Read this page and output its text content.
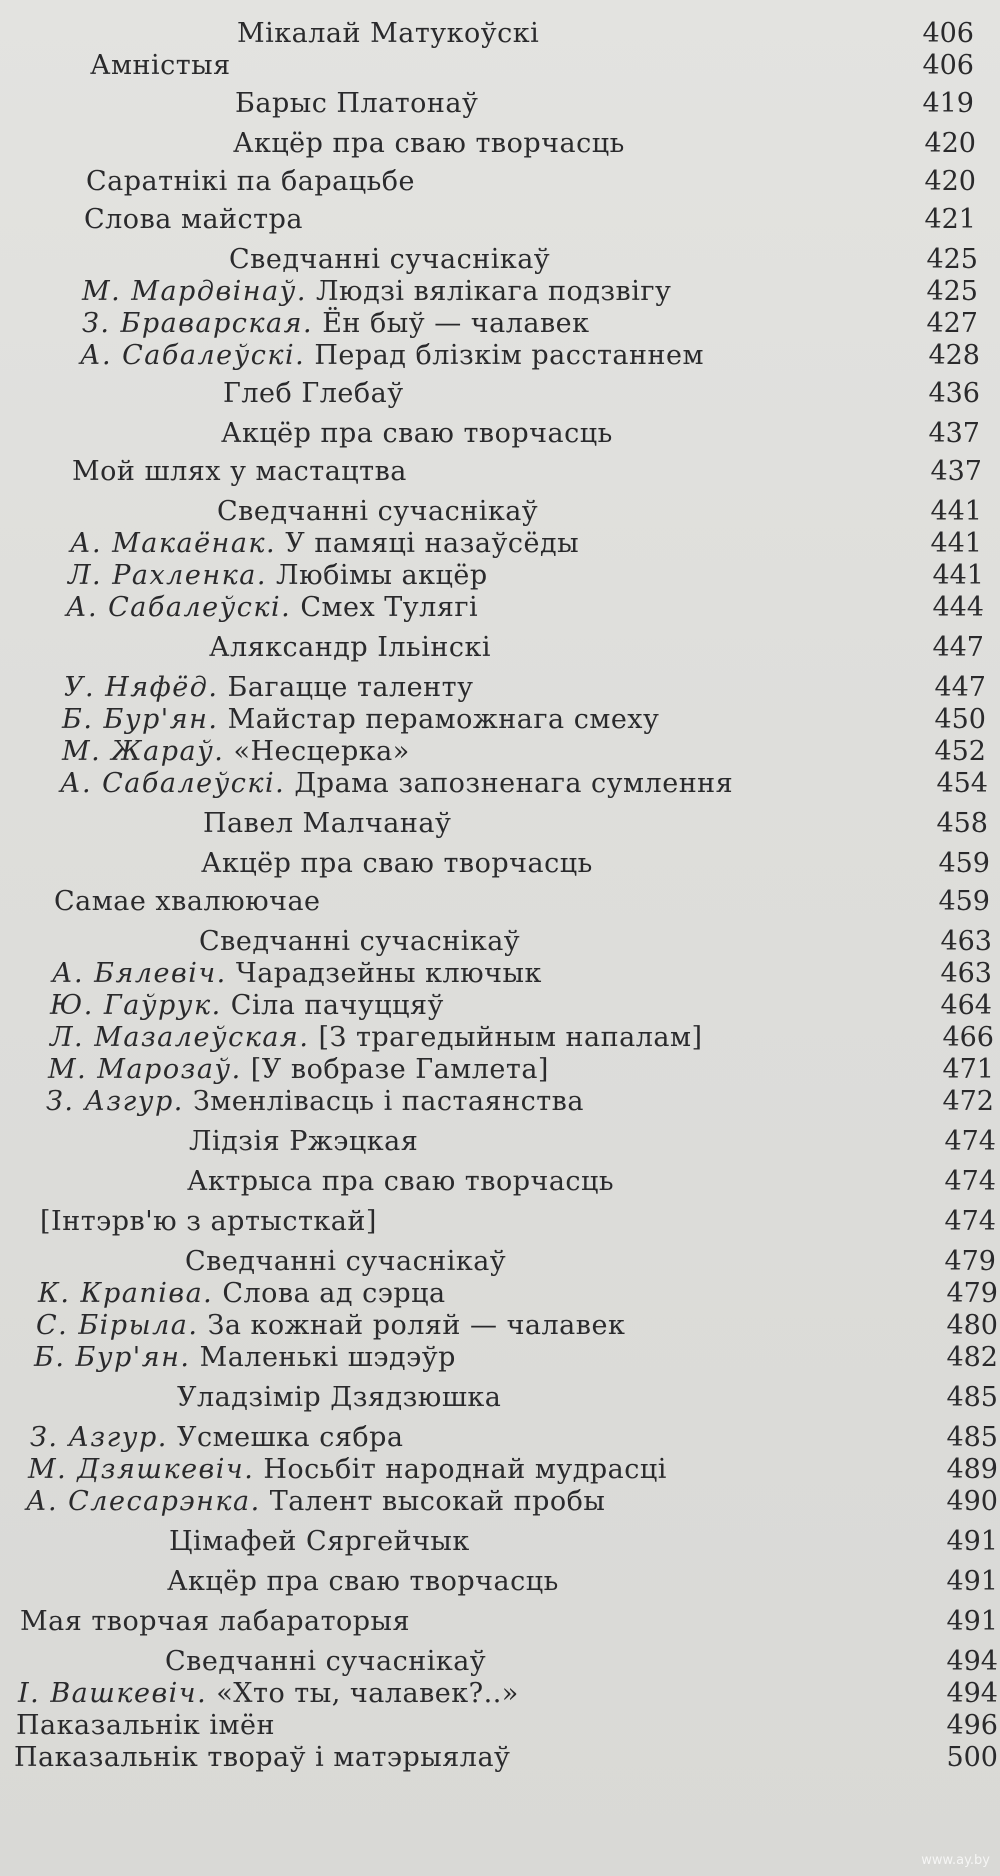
Мікалай Матукоўскі	406
Амністыя	406
Барыс Платонаў	419
Акцёр пра сваю творчасць	420
Саратнікі па барацьбе	420
Слова майстра	421
Сведчанні сучаснікаў	425
М. Мардвінаў. Людзі вялікага подзвігу	425
З. Браварская. Ён быў — чалавек	427
А. Сабалеўскі. Перад блізкім расстаннем	428
Глеб Глебаў	436
Акцёр пра сваю творчасць	437
Мой шлях у мастацтва	437
Сведчанні сучаснікаў	441
А. Макаёнак. У памяці назаўсёды	441
Л. Рахленка. Любімы акцёр	441
А. Сабалеўскі. Смех Тулягі	444
Аляксандр Ільінскі	447
У. Няфёд. Багацце таленту	447
Б. Бур'ян. Майстар пераможнага смеху	450
М. Жараў. «Несцерка»	452
А. Сабалеўскі. Драма запозненага сумлення	454
Павел Малчанаў	458
Акцёр пра сваю творчасць	459
Самае хвалюючае	459
Сведчанні сучаснікаў	463
А. Бялевіч. Чарадзейны ключык	463
Ю. Гаўрук. Сіла пачуццяў	464
Л. Мазалеўская. [З трагедыйным напалам]	466
М. Марозаў. [У вобразе Гамлета]	471
З. Азгур. Зменлівасць і пастаянства	472
Лідзія Ржэцкая	474
Актрыса пра сваю творчасць	474
[Інтэрв'ю з артысткай]	474
Сведчанні сучаснікаў	479
К. Крапіва. Слова ад сэрца	479
С. Бірыла. За кожнай роляй — чалавек	480
Б. Бур'ян. Маленькі шэдэўр	482
Уладзімір Дзядзюшка	485
З. Азгур. Усмешка сябра	485
М. Дзяшкевіч. Носьбіт народнай мудрасці	489
А. Слесарэнка. Талент высокай пробы	490
Цімафей Сяргейчык	491
Акцёр пра сваю творчасць	491
Мая творчая лабараторыя	491
Сведчанні сучаснікаў	494
І. Вашкевіч. «Хто ты, чалавек?..»	494
Паказальнік імён	496
Паказальнік твораў і матэрыялаў	500
www.ay.by
